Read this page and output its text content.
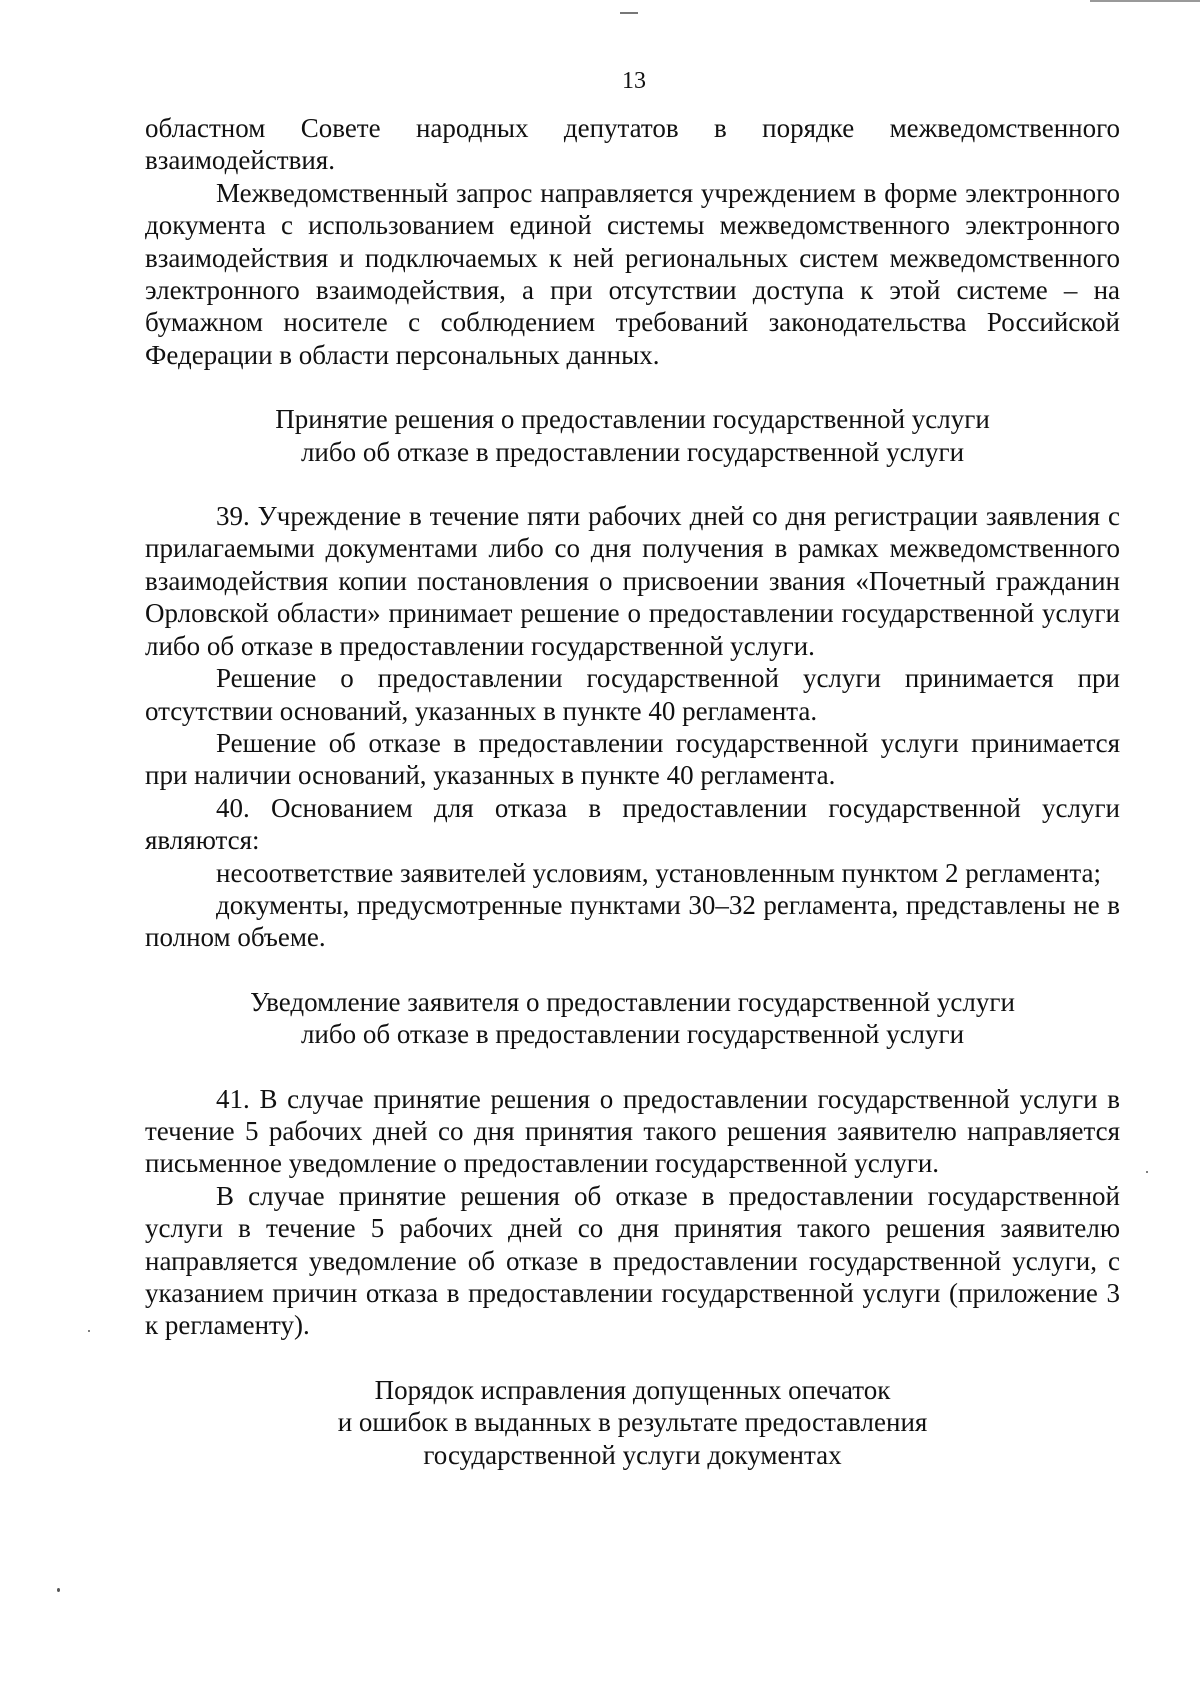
13

областном Совете народных депутатов в порядке межведомственного взаимодействия.

Межведомственный запрос направляется учреждением в форме электронного документа с использованием единой системы межведомственного электронного взаимодействия и подключаемых к ней региональных систем межведомственного электронного взаимодействия, а при отсутствии доступа к этой системе – на бумажном носителе с соблюдением требований законодательства Российской Федерации в области персональных данных.

Принятие решения о предоставлении государственной услуги
либо об отказе в предоставлении государственной услуги

39. Учреждение в течение пяти рабочих дней со дня регистрации заявления с прилагаемыми документами либо со дня получения в рамках межведомственного взаимодействия копии постановления о присвоении звания «Почетный гражданин Орловской области» принимает решение о предоставлении государственной услуги либо об отказе в предоставлении государственной услуги.

Решение о предоставлении государственной услуги принимается при отсутствии оснований, указанных в пункте 40 регламента.

Решение об отказе в предоставлении государственной услуги принимается при наличии оснований, указанных в пункте 40 регламента.

40. Основанием для отказа в предоставлении государственной услуги являются:

несоответствие заявителей условиям, установленным пунктом 2 регламента;

документы, предусмотренные пунктами 30–32 регламента, представлены не в полном объеме.

Уведомление заявителя о предоставлении государственной услуги
либо об отказе в предоставлении государственной услуги

41. В случае принятие решения о предоставлении государственной услуги в течение 5 рабочих дней со дня принятия такого решения заявителю направляется письменное уведомление о предоставлении государственной услуги.

В случае принятие решения об отказе в предоставлении государственной услуги в течение 5 рабочих дней со дня принятия такого решения заявителю направляется уведомление об отказе в предоставлении государственной услуги, с указанием причин отказа в предоставлении государственной услуги (приложение 3 к регламенту).

Порядок исправления допущенных опечаток
и ошибок в выданных в результате предоставления
государственной услуги документах
